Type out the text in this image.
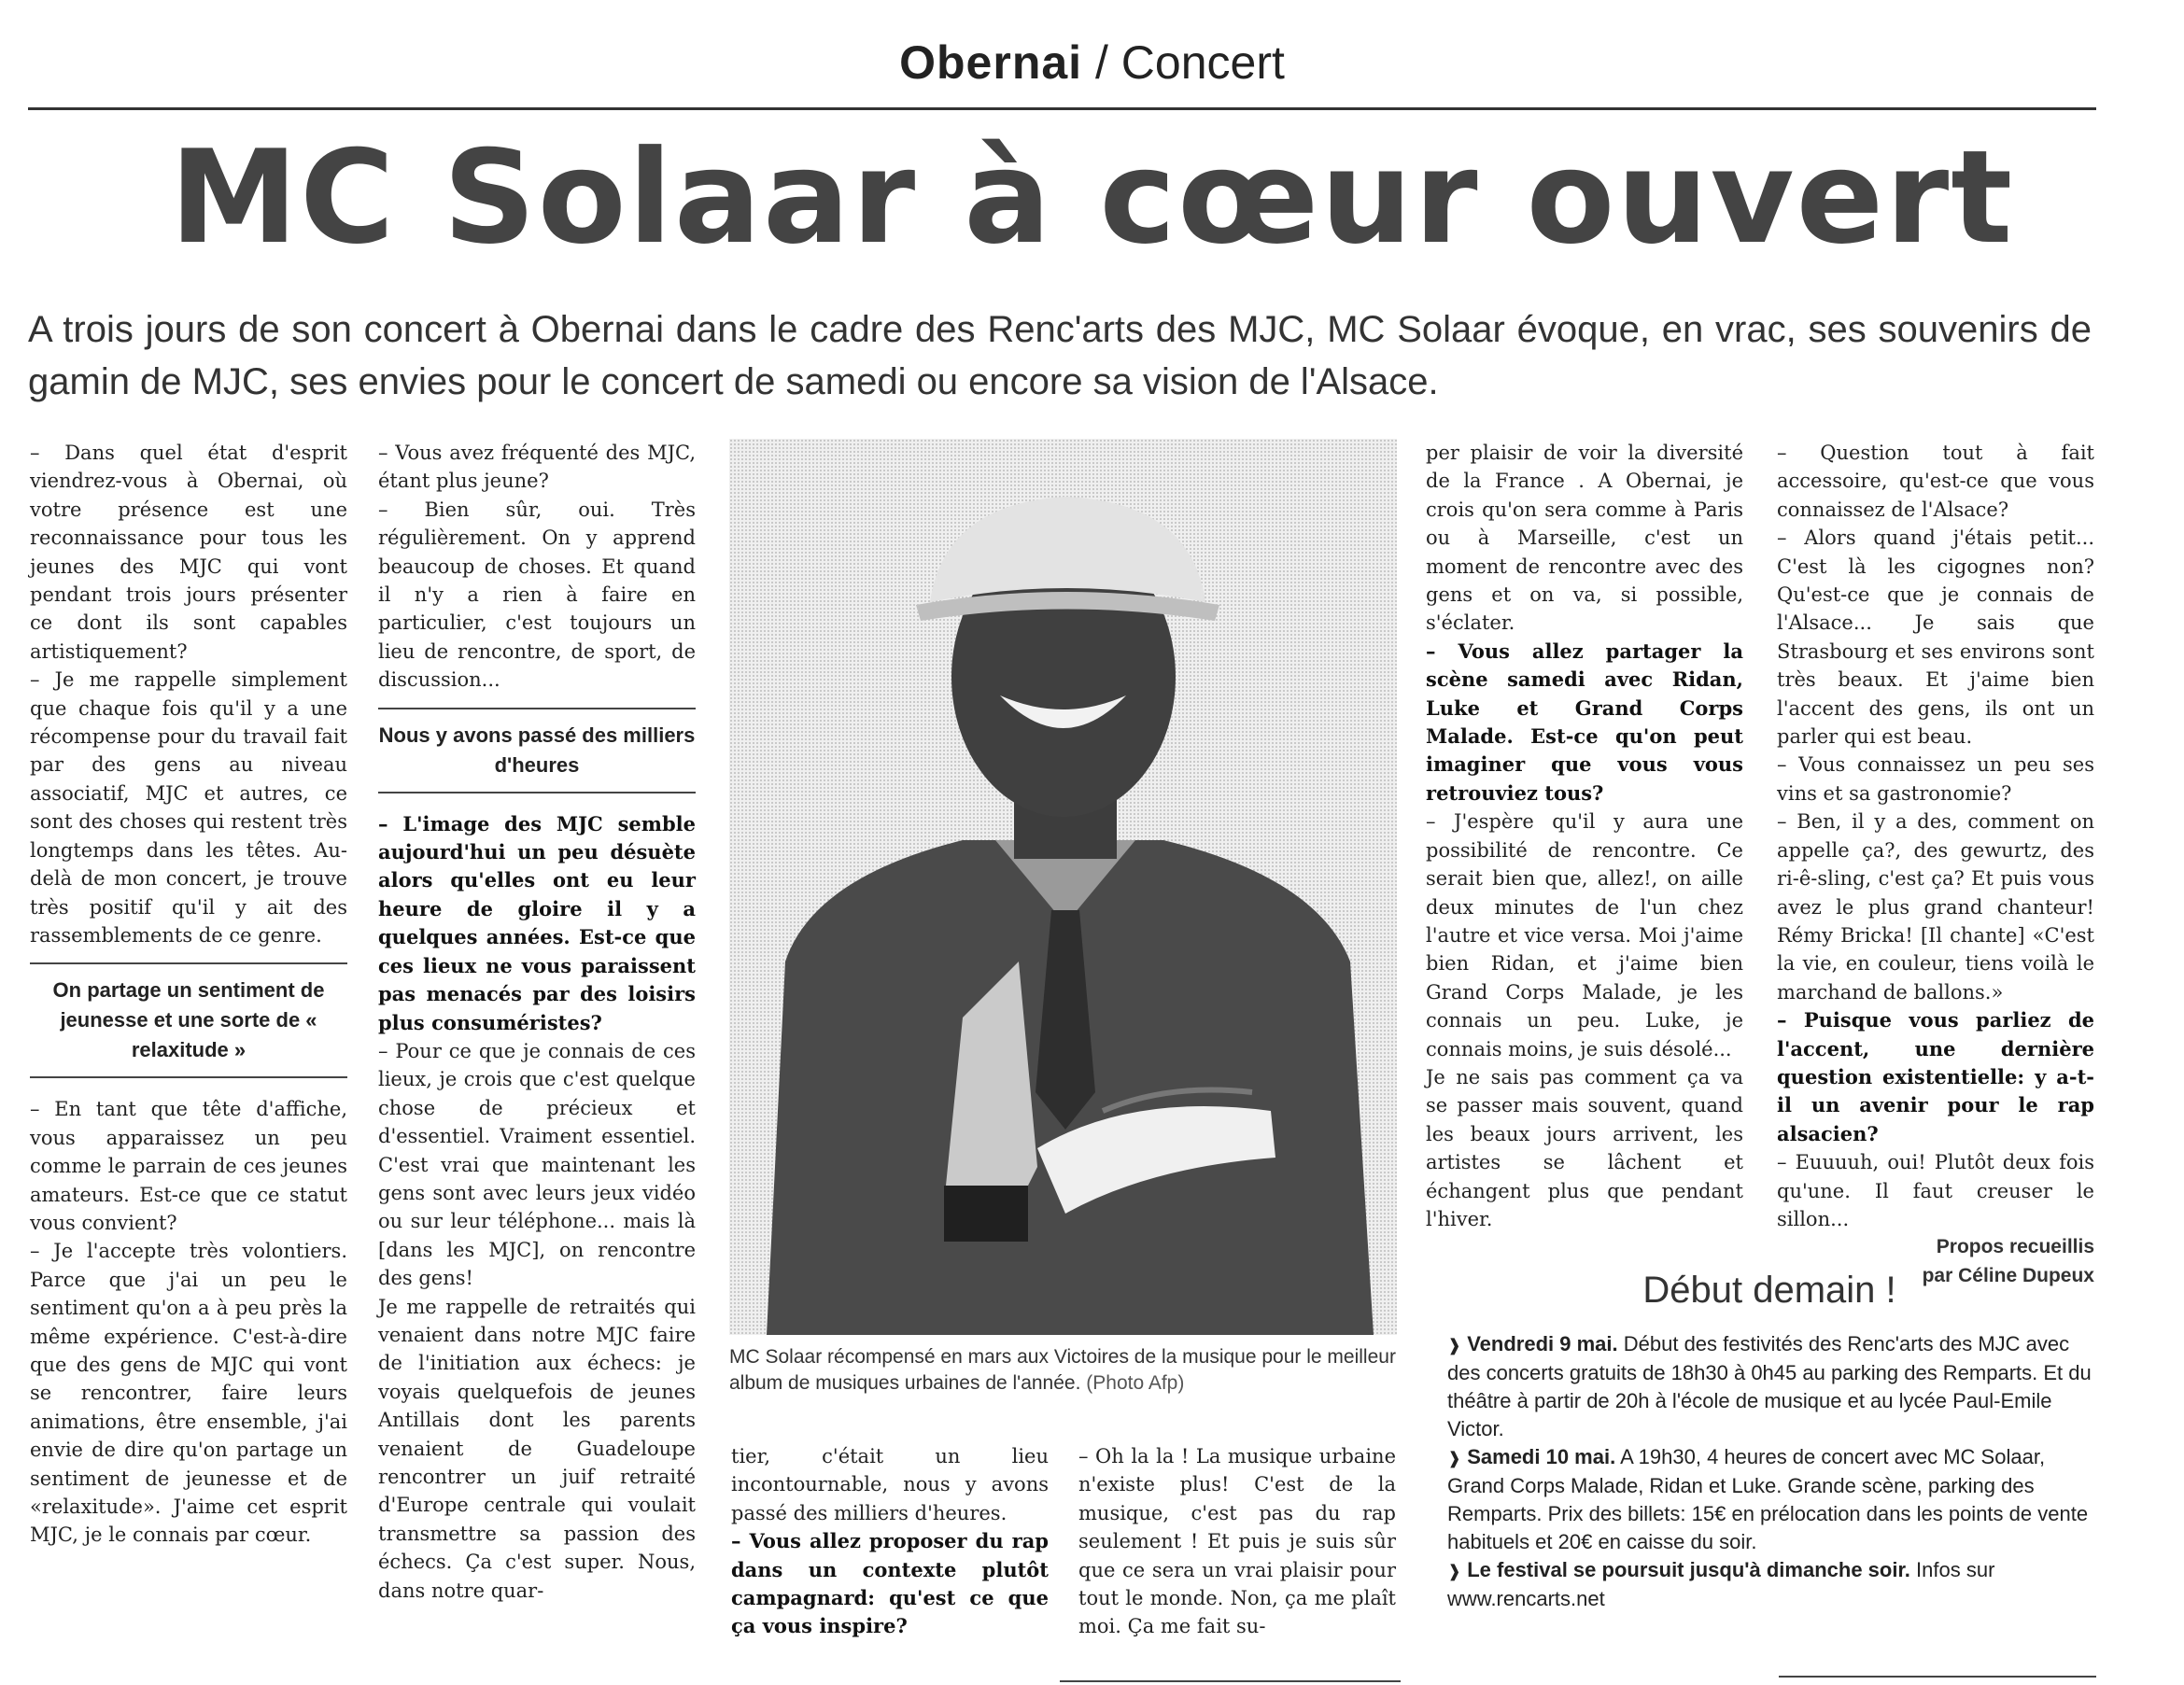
Obernai / Concert
MC Solaar à cœur ouvert
A trois jours de son concert à Obernai dans le cadre des Renc'arts des MJC, MC Solaar évoque, en vrac, ses souvenirs de gamin de MJC, ses envies pour le concert de samedi ou encore sa vision de l'Alsace.

– Dans quel état d'esprit viendrez-vous à Obernai, où votre présence est une reconnaissance pour tous les jeunes des MJC qui vont pendant trois jours présenter ce dont ils sont capables artistiquement?

– Je me rappelle simplement que chaque fois qu'il y a une récompense pour du travail fait par des gens au niveau associatif, MJC et autres, ce sont des choses qui restent très longtemps dans les têtes. Au-delà de mon concert, je trouve très positif qu'il y ait des rassemblements de ce genre.

On partage un sentiment de jeunesse et une sorte de « relaxitude »

– En tant que tête d'affiche, vous apparaissez un peu comme le parrain de ces jeunes amateurs. Est-ce que ce statut vous convient?

– Je l'accepte très volontiers. Parce que j'ai un peu le sentiment qu'on a à peu près la même expérience. C'est-à-dire que des gens de MJC qui vont se rencontrer, faire leurs animations, être ensemble, j'ai envie de dire qu'on partage un sentiment de jeunesse et de «relaxitude». J'aime cet esprit MJC, je le connais par cœur.

– Vous avez fréquenté des MJC, étant plus jeune?

– Bien sûr, oui. Très régulièrement. On y apprend beaucoup de choses. Et quand il n'y a rien à faire en particulier, c'est toujours un lieu de rencontre, de sport, de discussion...

Nous y avons passé des milliers d'heures

– L'image des MJC semble aujourd'hui un peu désuète alors qu'elles ont eu leur heure de gloire il y a quelques années. Est-ce que ces lieux ne vous paraissent pas menacés par des loisirs plus consuméristes?

– Pour ce que je connais de ces lieux, je crois que c'est quelque chose de précieux et d'essentiel. Vraiment essentiel. C'est vrai que maintenant les gens sont avec leurs jeux vidéo ou sur leur téléphone... mais là [dans les MJC], on rencontre des gens!

Je me rappelle de retraités qui venaient dans notre MJC faire de l'initiation aux échecs: je voyais quelquefois de jeunes Antillais dont les parents venaient de Guadeloupe rencontrer un juif retraité d'Europe centrale qui voulait transmettre sa passion des échecs. Ça c'est super. Nous, dans notre quar-

MC Solaar récompensé en mars aux Victoires de la musique pour le meilleur album de musiques urbaines de l'année. (Photo Afp)

tier, c'était un lieu incontournable, nous y avons passé des milliers d'heures.

– Vous allez proposer du rap dans un contexte plutôt campagnard: qu'est ce que ça vous inspire?

– Oh la la ! La musique urbaine n'existe plus! C'est de la musique, c'est pas du rap seulement ! Et puis je suis sûr que ce sera un vrai plaisir pour tout le monde. Non, ça me plaît moi. Ça me fait su-

per plaisir de voir la diversité de la France . A Obernai, je crois qu'on sera comme à Paris ou à Marseille, c'est un moment de rencontre avec des gens et on va, si possible, s'éclater.

– Vous allez partager la scène samedi avec Ridan, Luke et Grand Corps Malade. Est-ce qu'on peut imaginer que vous vous retrouviez tous?

– J'espère qu'il y aura une possibilité de rencontre. Ce serait bien que, allez!, on aille deux minutes de l'un chez l'autre et vice versa. Moi j'aime bien Ridan, et j'aime bien Grand Corps Malade, je les connais un peu. Luke, je connais moins, je suis désolé...

Je ne sais pas comment ça va se passer mais souvent, quand les beaux jours arrivent, les artistes se lâchent et échangent plus que pendant l'hiver.

– Question tout à fait accessoire, qu'est-ce que vous connaissez de l'Alsace?

– Alors quand j'étais petit... C'est là les cigognes non? Qu'est-ce que je connais de l'Alsace... Je sais que Strasbourg et ses environs sont très beaux. Et j'aime bien l'accent des gens, ils ont un parler qui est beau.

– Vous connaissez un peu ses vins et sa gastronomie?

– Ben, il y a des, comment on appelle ça?, des gewurtz, des ri-ê-sling, c'est ça? Et puis vous avez le plus grand chanteur! Rémy Bricka! [Il chante] «C'est la vie, en couleur, tiens voilà le marchand de ballons.»

– Puisque vous parliez de l'accent, une dernière question existentielle: y a-t-il un avenir pour le rap alsacien?

– Euuuuh, oui! Plutôt deux fois qu'une. Il faut creuser le sillon...

Propos recueillis
par Céline Dupeux
Début demain !

❱ Vendredi 9 mai. Début des festivités des Renc'arts des MJC avec des concerts gratuits de 18h30 à 0h45 au parking des Remparts. Et du théâtre à partir de 20h à l'école de musique et au lycée Paul-Emile Victor.

❱ Samedi 10 mai. A 19h30, 4 heures de concert avec MC Solaar, Grand Corps Malade, Ridan et Luke. Grande scène, parking des Remparts. Prix des billets: 15€ en prélocation dans les points de vente habituels et 20€ en caisse du soir.

❱ Le festival se poursuit jusqu'à dimanche soir. Infos sur www.rencarts.net
